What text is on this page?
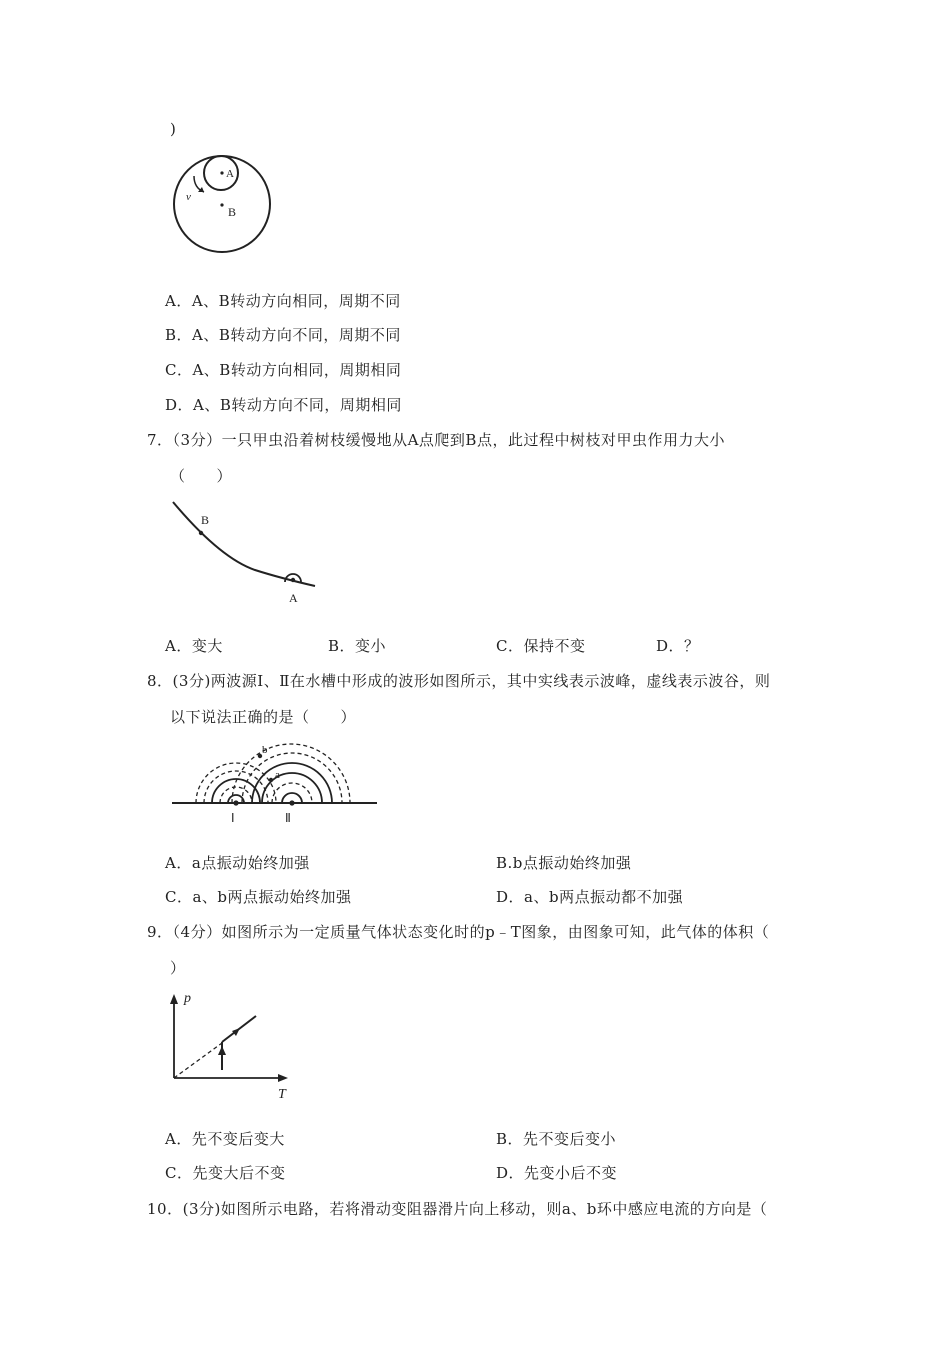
)
A
B
v
A．A、B转动方向相同，周期不同
B．A、B转动方向不同，周期不同
C．A、B转动方向相同，周期相同
D．A、B转动方向不同，周期相同
7．（3分）一只甲虫沿着树枝缓慢地从A点爬到B点，此过程中树枝对甲虫作用力大小
（　　）
B
A
A．变大	B．变小	C．保持不变	D．？
8．(3分)两波源Ⅰ、Ⅱ在水槽中形成的波形如图所示，其中实线表示波峰，虚线表示波谷，则
以下说法正确的是（　　）
Ⅰ	Ⅱ
a
b
A．a点振动始终加强	B.b点振动始终加强
C．a、b两点振动始终加强	D．a、b两点振动都不加强
9．（4分）如图所示为一定质量气体状态变化时的p﹣T图象，由图象可知，此气体的体积（
）
p
T
A．先不变后变大	B．先不变后变小
C．先变大后不变	D．先变小后不变
10．(3分)如图所示电路，若将滑动变阻器滑片向上移动，则a、b环中感应电流的方向是（
